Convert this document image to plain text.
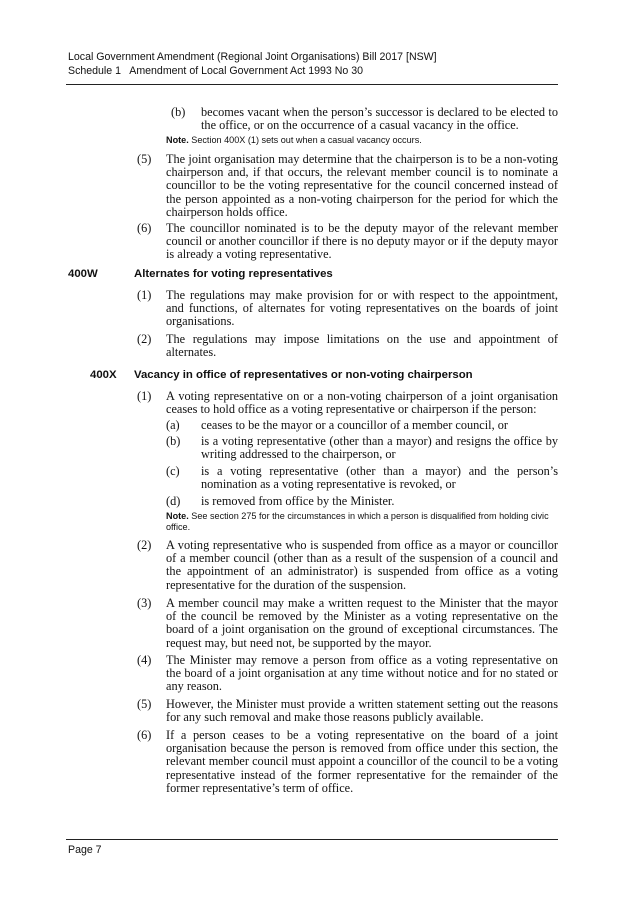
Local Government Amendment (Regional Joint Organisations) Bill 2017 [NSW]
Schedule 1   Amendment of Local Government Act 1993 No 30
(b) becomes vacant when the person’s successor is declared to be elected to the office, or on the occurrence of a casual vacancy in the office.
Note. Section 400X (1) sets out when a casual vacancy occurs.
(5) The joint organisation may determine that the chairperson is to be a non-voting chairperson and, if that occurs, the relevant member council is to nominate a councillor to be the voting representative for the council concerned instead of the person appointed as a non-voting chairperson for the period for which the chairperson holds office.
(6) The councillor nominated is to be the deputy mayor of the relevant member council or another councillor if there is no deputy mayor or if the deputy mayor is already a voting representative.
400W	Alternates for voting representatives
(1) The regulations may make provision for or with respect to the appointment, and functions, of alternates for voting representatives on the boards of joint organisations.
(2) The regulations may impose limitations on the use and appointment of alternates.
400X Vacancy in office of representatives or non-voting chairperson
(1) A voting representative on or a non-voting chairperson of a joint organisation ceases to hold office as a voting representative or chairperson if the person:
(a) ceases to be the mayor or a councillor of a member council, or
(b) is a voting representative (other than a mayor) and resigns the office by writing addressed to the chairperson, or
(c) is a voting representative (other than a mayor) and the person’s nomination as a voting representative is revoked, or
(d) is removed from office by the Minister.
Note. See section 275 for the circumstances in which a person is disqualified from holding civic office.
(2) A voting representative who is suspended from office as a mayor or councillor of a member council (other than as a result of the suspension of a council and the appointment of an administrator) is suspended from office as a voting representative for the duration of the suspension.
(3) A member council may make a written request to the Minister that the mayor of the council be removed by the Minister as a voting representative on the board of a joint organisation on the ground of exceptional circumstances. The request may, but need not, be supported by the mayor.
(4) The Minister may remove a person from office as a voting representative on the board of a joint organisation at any time without notice and for no stated or any reason.
(5) However, the Minister must provide a written statement setting out the reasons for any such removal and make those reasons publicly available.
(6) If a person ceases to be a voting representative on the board of a joint organisation because the person is removed from office under this section, the relevant member council must appoint a councillor of the council to be a voting representative instead of the former representative for the remainder of the former representative’s term of office.
Page 7
